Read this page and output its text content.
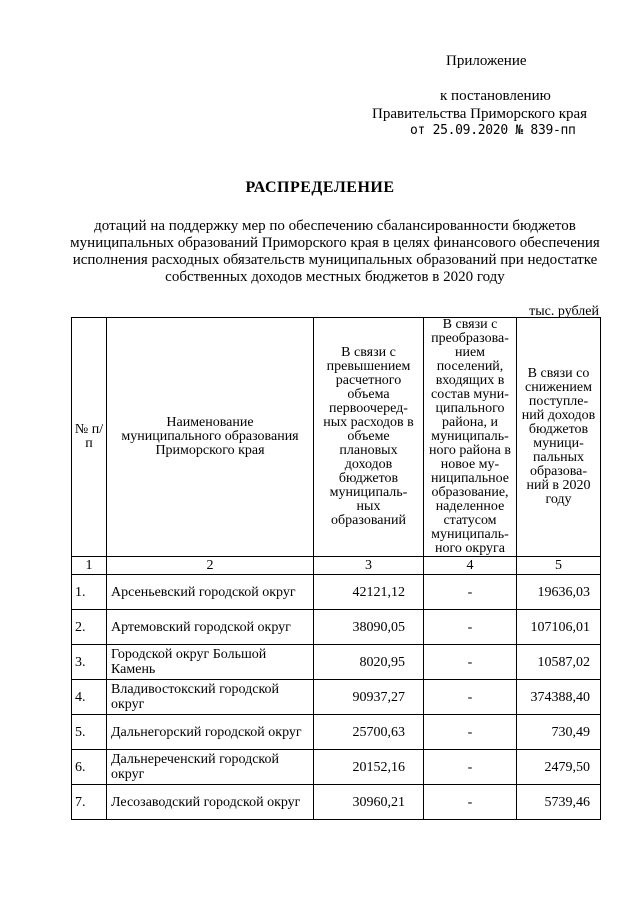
Приложение
к постановлению
Правительства Приморского края
от 25.09.2020 № 839-пп
РАСПРЕДЕЛЕНИЕ
дотаций на поддержку мер по обеспечению сбалансированности бюджетов муниципальных образований Приморского края в целях финансового обеспечения исполнения расходных обязательств муниципальных образований при недостатке собственных доходов местных бюджетов в 2020 году
тыс. рублей
№ п/п	Наименование муниципального образования Приморского края	В связи с превышением расчетного объема первоочеред-ных расходов в объеме плановых доходов бюджетов муниципаль-ных образований	В связи с преобразова-нием поселений, входящих в состав муни-ципального района, и муниципаль-ного района в новое му-ниципальное образование, наделенное статусом муниципаль-ного округа	В связи со снижением поступле-ний доходов бюджетов муници-пальных образова-ний в 2020 году
1	2	3	4	5
1.	Арсеньевский городской округ	42121,12	-	19636,03
2.	Артемовский городской округ	38090,05	-	107106,01
3.	Городской округ Большой Камень	8020,95	-	10587,02
4.	Владивостокский городской округ	90937,27	-	374388,40
5.	Дальнегорский городской округ	25700,63	-	730,49
6.	Дальнереченский городской округ	20152,16	-	2479,50
7.	Лесозаводский городской округ	30960,21	-	5739,46
